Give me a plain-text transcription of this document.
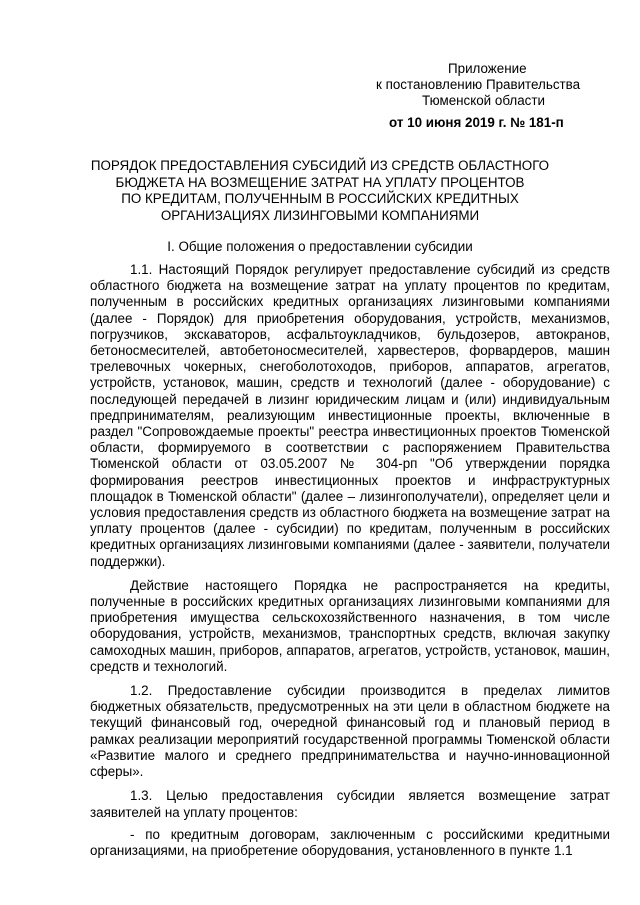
Приложение
к постановлению Правительства
Тюменской области
от 10 июня 2019 г. № 181-п
ПОРЯДОК ПРЕДОСТАВЛЕНИЯ СУБСИДИЙ ИЗ СРЕДСТВ ОБЛАСТНОГО
БЮДЖЕТА НА ВОЗМЕЩЕНИЕ ЗАТРАТ НА УПЛАТУ ПРОЦЕНТОВ
ПО КРЕДИТАМ, ПОЛУЧЕННЫМ В РОССИЙСКИХ КРЕДИТНЫХ
ОРГАНИЗАЦИЯХ ЛИЗИНГОВЫМИ КОМПАНИЯМИ
I. Общие положения о предоставлении субсидии

1.1. Настоящий Порядок регулирует предоставление субсидий из средств областного бюджета на возмещение затрат на уплату процентов по кредитам, полученным в российских кредитных организациях лизинговыми компаниями (далее - Порядок) для приобретения оборудования, устройств, механизмов, погрузчиков, экскаваторов, асфальтоукладчиков, бульдозеров, автокранов, бетоносмесителей, автобетоносмесителей, харвестеров, форвардеров, машин трелевочных чокерных, снегоболотоходов, приборов, аппаратов, агрегатов, устройств, установок, машин, средств и технологий (далее - оборудование) с последующей передачей в лизинг юридическим лицам и (или) индивидуальным предпринимателям, реализующим инвестиционные проекты, включенные в раздел "Сопровождаемые проекты" реестра инвестиционных проектов Тюменской области, формируемого в соответствии с распоряжением Правительства Тюменской области от 03.05.2007 № 304-рп "Об утверждении порядка формирования реестров инвестиционных проектов и инфраструктурных площадок в Тюменской области" (далее – лизингополучатели), определяет цели и условия предоставления средств из областного бюджета на возмещение затрат на уплату процентов (далее - субсидии) по кредитам, полученным в российских кредитных организациях лизинговыми компаниями (далее - заявители, получатели поддержки).

Действие настоящего Порядка не распространяется на кредиты, полученные в российских кредитных организациях лизинговыми компаниями для приобретения имущества сельскохозяйственного назначения, в том числе оборудования, устройств, механизмов, транспортных средств, включая закупку самоходных машин, приборов, аппаратов, агрегатов, устройств, установок, машин, средств и технологий.

1.2. Предоставление субсидии производится в пределах лимитов бюджетных обязательств, предусмотренных на эти цели в областном бюджете на текущий финансовый год, очередной финансовый год и плановый период в рамках реализации мероприятий государственной программы Тюменской области «Развитие малого и среднего предпринимательства и научно-инновационной сферы».

1.3. Целью предоставления субсидии является возмещение затрат заявителей на уплату процентов:

- по кредитным договорам, заключенным с российскими кредитными организациями, на приобретение оборудования, установленного в пункте 1.1
